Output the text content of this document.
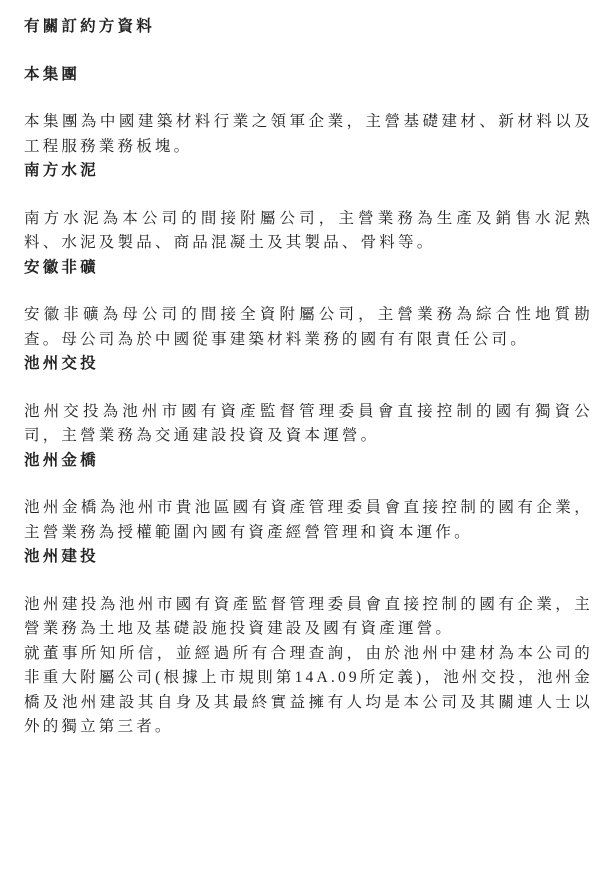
有關訂約方資料
本集團
本集團為中國建築材料行業之領軍企業，主營基礎建材、新材料以及工程服務業務板塊。
南方水泥
南方水泥為本公司的間接附屬公司，主營業務為生產及銷售水泥熟料、水泥及製品、商品混凝土及其製品、骨料等。
安徽非礦
安徽非礦為母公司的間接全資附屬公司，主營業務為綜合性地質勘查。母公司為於中國從事建築材料業務的國有有限責任公司。
池州交投
池州交投為池州市國有資產監督管理委員會直接控制的國有獨資公司，主營業務為交通建設投資及資本運營。
池州金橋
池州金橋為池州市貴池區國有資產管理委員會直接控制的國有企業，主營業務為授權範圍內國有資產經營管理和資本運作。
池州建投
池州建投為池州市國有資產監督管理委員會直接控制的國有企業，主營業務為土地及基礎設施投資建設及國有資產運營。
就董事所知所信，並經過所有合理查詢，由於池州中建材為本公司的非重大附屬公司(根據上市規則第14A.09所定義)，池州交投，池州金橋及池州建設其自身及其最終實益擁有人均是本公司及其關連人士以外的獨立第三者。
